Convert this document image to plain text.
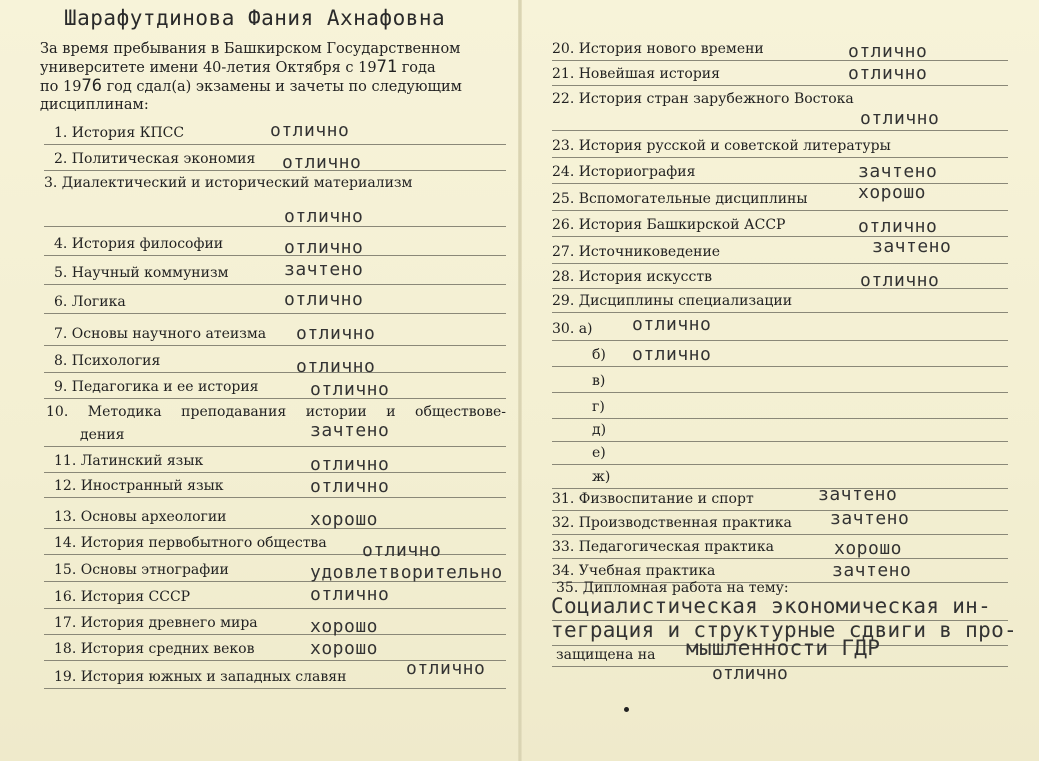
Шарафутдинова Фания Ахнафовна
За время пребывания в Башкирском Государственном
университете имени 40-летия Октября с 1971 года
по 1976 год сдал(а) экзамены и зачеты по следующим
дисциплинам:
1. История КПСС	отлично
2. Политическая экономия отлично
3. Диалектический и исторический материализм
отлично
4. История философии	отлично
5. Научный коммунизм	зачтено
6. Логика	отлично
7. Основы научного атеизма отлично
8. Психология	отлично
9. Педагогика и ее история	отлично
10. Методика преподавания истории и обществове-
дения	зачтено
11. Латинский язык	отлично
12. Иностранный язык	отлично
13. Основы археологии	хорошо
14. История первобытного общества отлично
15. Основы этнографии	удовлетворительно
16. История СССР	отлично
17. История древнего мира	хорошо
18. История средних веков	хорошо
19. История южных и западных славян	отлично
20. История нового времени	отлично
21. Новейшая история	отлично
22. История стран зарубежного Востока
отлично
23. История русской и советской литературы
24. Историография	зачтено
25. Вспомогательные дисциплины	хорошо
26. История Башкирской АССР	отлично
27. Источниковедение	зачтено
28. История искусств	отлично
29. Дисциплины специализации
30. а) отлично
б) отлично
в)
г)
д)
е)
ж)
31. Физвоспитание и спорт	зачтено
32. Производственная практика зачтено
33. Педагогическая практика	хорошо
34. Учебная практика	зачтено
35. Дипломная работа на тему:
Социалистическая экономическая ин-
теграция и структурные сдвиги в про-
защищена на мышленности ГДР
отлично
